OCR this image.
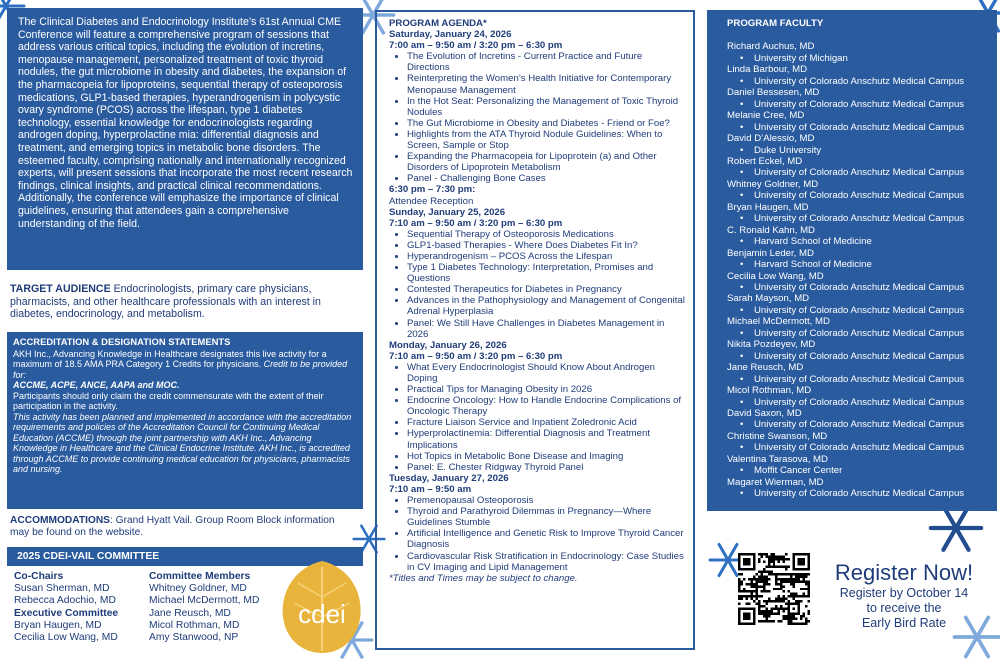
The Clinical Diabetes and Endocrinology Institute’s 61st Annual CME Conference will feature a comprehensive program of sessions that address various critical topics, including the evolution of incretins, menopause management, personalized treatment of toxic thyroid nodules, the gut microbiome in obesity and diabetes, the expansion of the pharmacopeia for lipoproteins, sequential therapy of osteoporosis medications, GLP1-based therapies, hyperandrogenism in polycystic ovary syndrome (PCOS) across the lifespan, type 1 diabetes technology, essential knowledge for endocrinologists regarding androgen doping, hyperprolactine mia: differential diagnosis and treatment, and emerging topics in metabolic bone disorders. The esteemed faculty, comprising nationally and internationally recognized experts, will present sessions that incorporate the most recent research findings, clinical insights, and practical clinical recommendations. Additionally, the conference will emphasize the importance of clinical guidelines, ensuring that attendees gain a comprehensive understanding of the field.

TARGET AUDIENCE Endocrinologists, primary care physicians, pharmacists, and other healthcare professionals with an interest in diabetes, endocrinology, and metabolism.
ACCREDITATION & DESIGNATION STATEMENTS

AKH Inc., Advancing Knowledge in Healthcare designates this live activity for a maximum of 18.5 AMA PRA Category 1 Credits for physicians. Credit to be provided for:

ACCME, ACPE, ANCE, AAPA and MOC.

Participants should only claim the credit commensurate with the extent of their participation in the activity.

This activity has been planned and implemented in accordance with the accreditation requirements and policies of the Accreditation Council for Continuing Medical Education (ACCME) through the joint partnership with AKH Inc., Advancing Knowledge in Healthcare and the Clinical Endocrine Institute. AKH Inc., is accredited through ACCME to provide continuing medical education for physicians, pharmacists and nursing.

ACCOMMODATIONS: Grand Hyatt Vail. Group Room Block information may be found on the website.
2025 CDEI-VAIL COMMITTEE
Co-Chairs
Susan Sherman, MD
Rebecca Adochio, MD
Executive Committee
Bryan Haugen, MD
Cecilia Low Wang, MD
Committee Members
Whitney Goldner, MD
Michael McDermott, MD
Jane Reusch, MD
Micol Rothman, MD
Amy Stanwood, NP
cdei
PROGRAM AGENDA*
Saturday, January 24, 2026
7:00 am – 9:50 am / 3:20 pm – 6:30 pm
• The Evolution of Incretins - Current Practice and Future Directions
• Reinterpreting the Women’s Health Initiative for Contemporary Menopause Management
• In the Hot Seat: Personalizing the Management of Toxic Thyroid Nodules
• The Gut Microbiome in Obesity and Diabetes - Friend or Foe?
• Highlights from the ATA Thyroid Nodule Guidelines: When to Screen, Sample or Stop
• Expanding the Pharmacopeia for Lipoprotein (a) and Other Disorders of Lipoprotein Metabolism
• Panel - Challenging Bone Cases
6:30 pm – 7:30 pm:
Attendee Reception
Sunday, January 25, 2026
7:10 am – 9:50 am / 3:20 pm – 6:30 pm
• Sequential Therapy of Osteoporosis Medications
• GLP1-based Therapies - Where Does Diabetes Fit In?
• Hyperandrogenism – PCOS Across the Lifespan
• Type 1 Diabetes Technology: Interpretation, Promises and Questions
• Contested Therapeutics for Diabetes in Pregnancy
• Advances in the Pathophysiology and Management of Congenital Adrenal Hyperplasia
• Panel: We Still Have Challenges in Diabetes Management in 2026
Monday, January 26, 2026
7:10 am – 9:50 am / 3:20 pm – 6:30 pm
• What Every Endocrinologist Should Know About Androgen Doping
• Practical Tips for Managing Obesity in 2026
• Endocrine Oncology: How to Handle Endocrine Complications of Oncologic Therapy
• Fracture Liaison Service and Inpatient Zoledronic Acid
• Hyperprolactinemia: Differential Diagnosis and Treatment Implications
• Hot Topics in Metabolic Bone Disease and Imaging
• Panel: E. Chester Ridgway Thyroid Panel
Tuesday, January 27, 2026
7:10 am – 9:50 am
• Premenopausal Osteoporosis
• Thyroid and Parathyroid Dilemmas in Pregnancy—Where Guidelines Stumble
• Artificial Intelligence and Genetic Risk to Improve Thyroid Cancer Diagnosis
• Cardiovascular Risk Stratification in Endocrinology: Case Studies in CV Imaging and Lipid Management
*Titles and Times may be subject to change.
PROGRAM FACULTY
Richard Auchus, MD
• University of Michigan
Linda Barbour, MD
• University of Colorado Anschutz Medical Campus
Daniel Bessesen, MD
• University of Colorado Anschutz Medical Campus
Melanie Cree, MD
• University of Colorado Anschutz Medical Campus
David D’Alessio, MD
• Duke University
Robert Eckel, MD
• University of Colorado Anschutz Medical Campus
Whitney Goldner, MD
• University of Colorado Anschutz Medical Campus
Bryan Haugen, MD
• University of Colorado Anschutz Medical Campus
C. Ronald Kahn, MD
• Harvard School of Medicine
Benjamin Leder, MD
• Harvard School of Medicine
Cecilia Low Wang, MD
• University of Colorado Anschutz Medical Campus
Sarah Mayson, MD
• University of Colorado Anschutz Medical Campus
Michael McDermott, MD
• University of Colorado Anschutz Medical Campus
Nikita Pozdeyev, MD
• University of Colorado Anschutz Medical Campus
Jane Reusch, MD
• University of Colorado Anschutz Medical Campus
Micol Rothman, MD
• University of Colorado Anschutz Medical Campus
David Saxon, MD
• University of Colorado Anschutz Medical Campus
Christine Swanson, MD
• University of Colorado Anschutz Medical Campus
Valentina Tarasova, MD
• Moffit Cancer Center
Magaret Wierman, MD
• University of Colorado Anschutz Medical Campus
Register Now!
Register by October 14
to receive the
Early Bird Rate
